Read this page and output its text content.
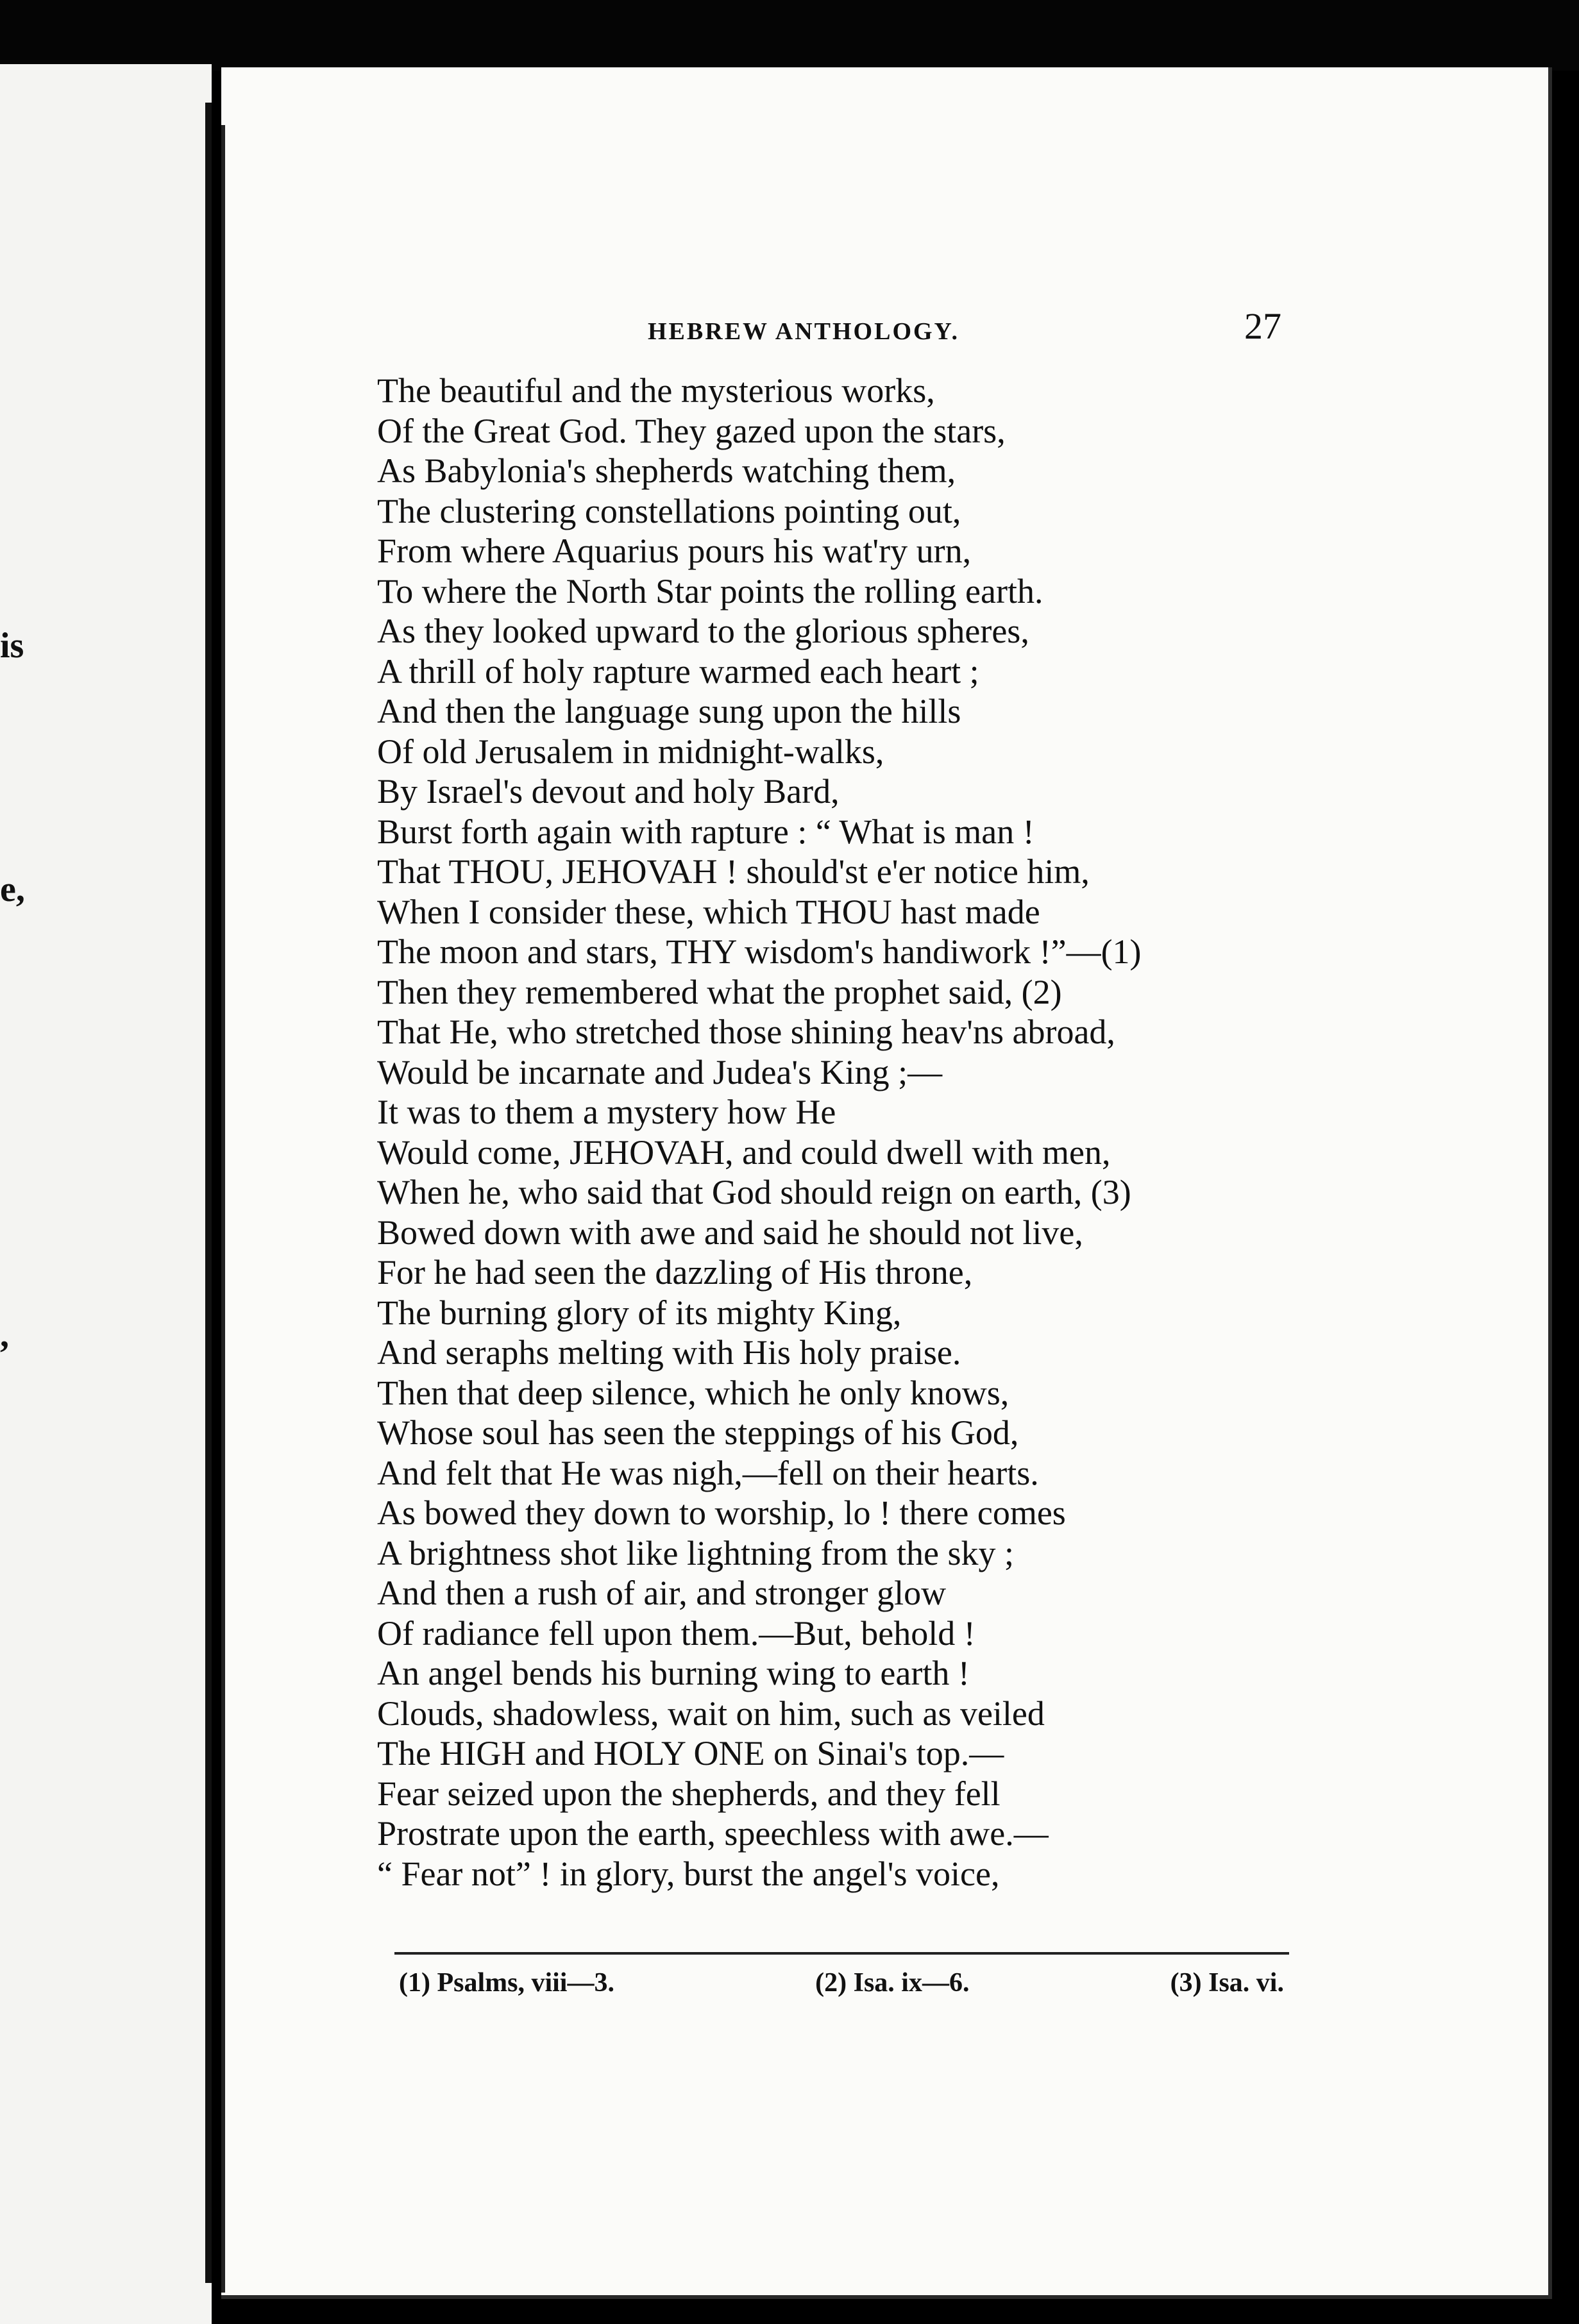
is
e,
,
HEBREW ANTHOLOGY.	27
The beautiful and the mysterious works,
Of the Great God. They gazed upon the stars,
As Babylonia's shepherds watching them,
The clustering constellations pointing out,
From where Aquarius pours his wat'ry urn,
To where the North Star points the rolling earth.
As they looked upward to the glorious spheres,
A thrill of holy rapture warmed each heart ;
And then the language sung upon the hills
Of old Jerusalem in midnight-walks,
By Israel's devout and holy Bard,
Burst forth again with rapture : “ What is man !
That THOU, JEHOVAH ! should'st e'er notice him,
When I consider these, which THOU hast made
The moon and stars, THY wisdom's handiwork !”—(1)
Then they remembered what the prophet said, (2)
That He, who stretched those shining heav'ns abroad,
Would be incarnate and Judea's King ;—
It was to them a mystery how He
Would come, JEHOVAH, and could dwell with men,
When he, who said that God should reign on earth, (3)
Bowed down with awe and said he should not live,
For he had seen the dazzling of His throne,
The burning glory of its mighty King,
And seraphs melting with His holy praise.
Then that deep silence, which he only knows,
Whose soul has seen the steppings of his God,
And felt that He was nigh,—fell on their hearts.
As bowed they down to worship, lo ! there comes
A brightness shot like lightning from the sky ;
And then a rush of air, and stronger glow
Of radiance fell upon them.—But, behold !
An angel bends his burning wing to earth !
Clouds, shadowless, wait on him, such as veiled
The HIGH and HOLY ONE on Sinai's top.—
Fear seized upon the shepherds, and they fell
Prostrate upon the earth, speechless with awe.—
“ Fear not” ! in glory, burst the angel's voice,
(1) Psalms, viii—3.	(2) Isa. ix—6.	(3) Isa. vi.
